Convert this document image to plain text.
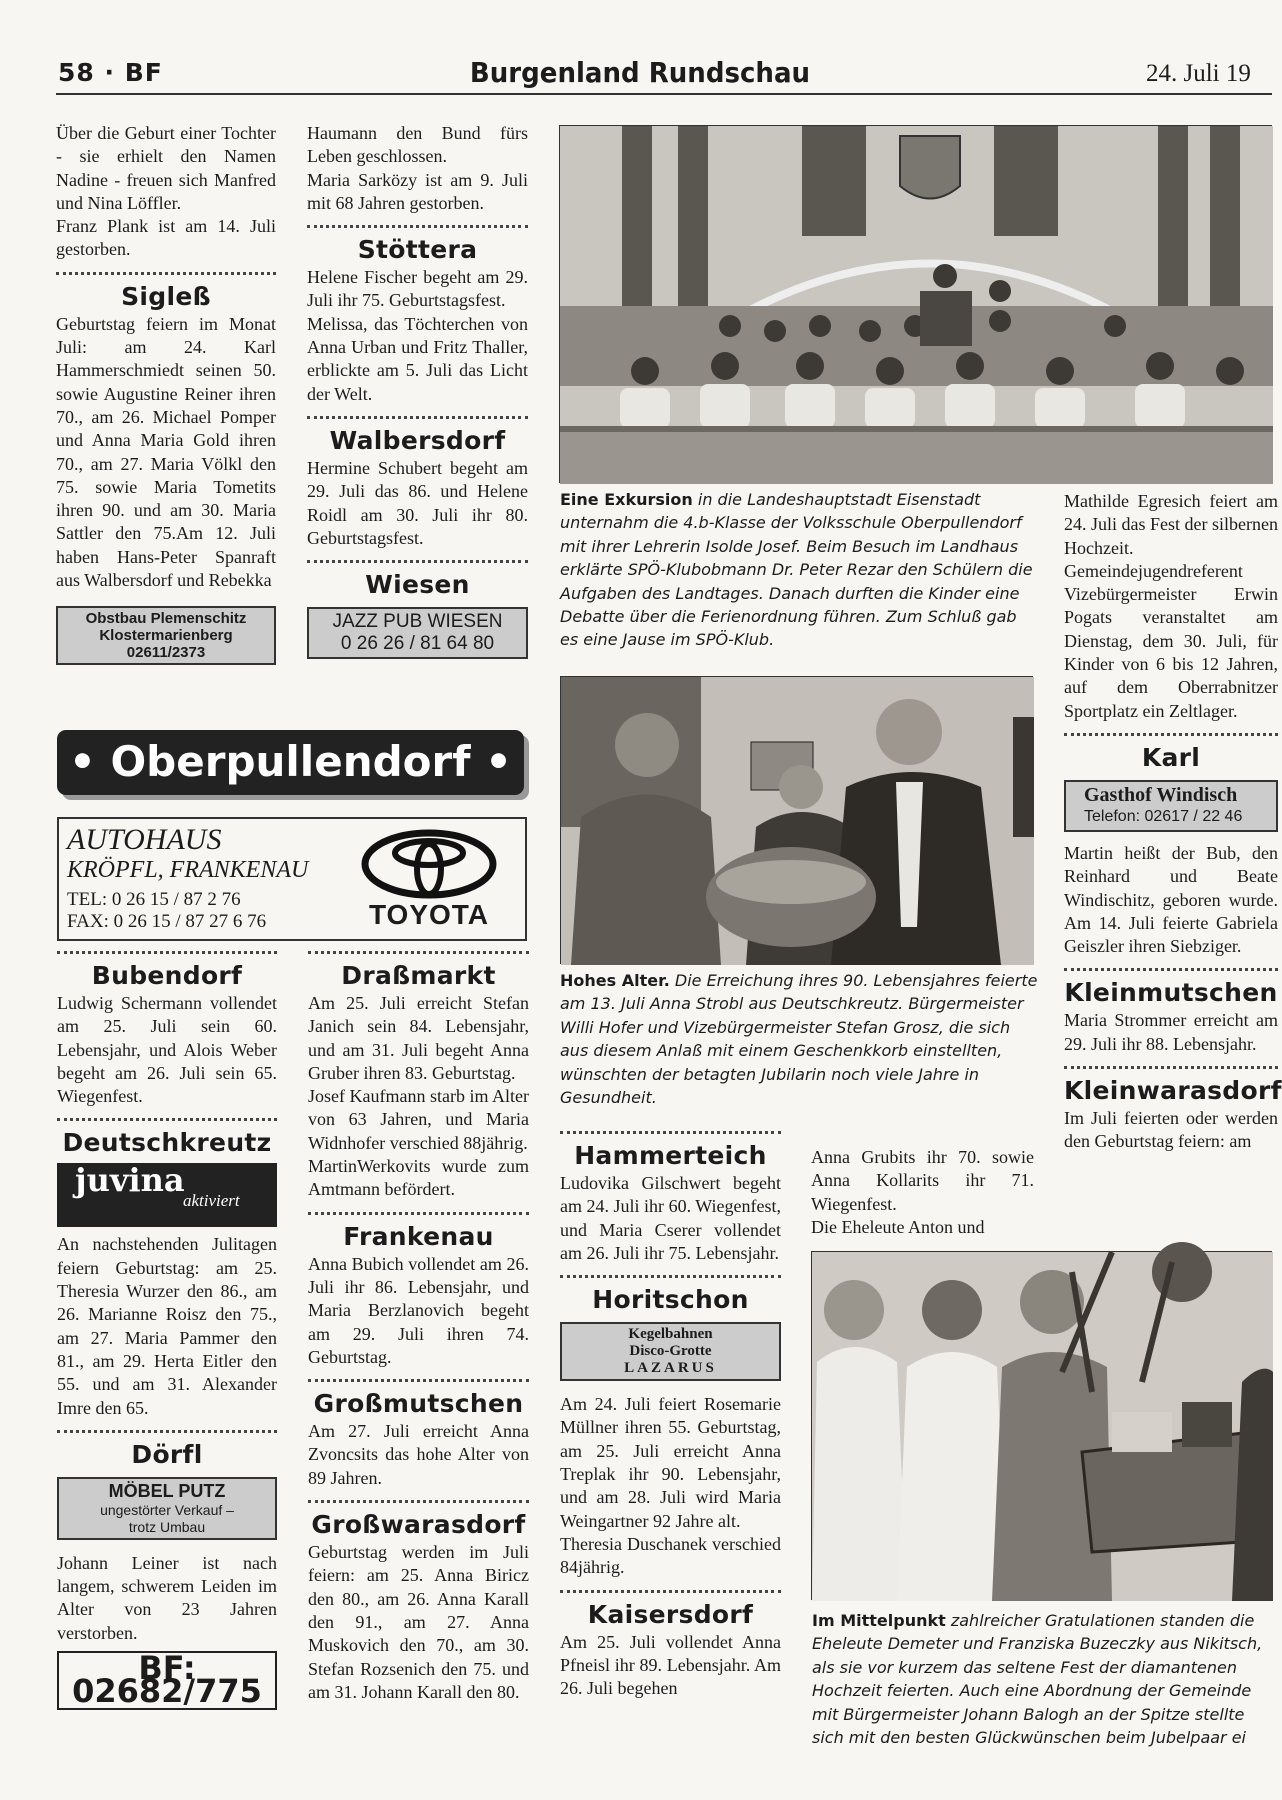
58 · BF	Burgenland Rundschau	24. Juli 19

Über die Geburt einer Tochter - sie erhielt den Namen Nadine - freuen sich Manfred und Nina Löffler.

Franz Plank ist am 14. Juli gestorben.

Sigleß

Geburtstag feiern im Monat Juli: am 24. Karl Hammerschmiedt seinen 50. sowie Augustine Reiner ihren 70., am 26. Michael Pomper und Anna Maria Gold ihren 70., am 27. Maria Völkl den 75. sowie Maria Tometits ihren 90. und am 30. Maria Sattler den 75.Am 12. Juli haben Hans-Peter Spanraft aus Walbersdorf und Rebekka

Obstbau Plemenschitz
Klostermarienberg
02611/2373

Haumann den Bund fürs Leben geschlossen.

Maria Sarközy ist am 9. Juli mit 68 Jahren gestorben.

Stöttera

Helene Fischer begeht am 29. Juli ihr 75. Geburtstagsfest.

Melissa, das Töchterchen von Anna Urban und Fritz Thaller, erblickte am 5. Juli das Licht der Welt.

Walbersdorf

Hermine Schubert begeht am 29. Juli das 86. und Helene Roidl am 30. Juli ihr 80. Geburtstagsfest.

Wiesen
JAZZ PUB WIESEN
0 26 26 / 81 64 80
• Oberpullendorf •
AUTOHAUS
KRÖPFL, FRANKENAU
TEL: 0 26 15 / 87 2 76
FAX: 0 26 15 / 87 27 6 76	TOYOTA
Bubendorf

Ludwig Schermann vollendet am 25. Juli sein 60. Lebensjahr, und Alois Weber begeht am 26. Juli sein 65. Wiegenfest.

Deutschkreutz
juvina
aktiviert

An nachstehenden Julitagen feiern Geburtstag: am 25. Theresia Wurzer den 86., am 26. Marianne Roisz den 75., am 27. Maria Pammer den 81., am 29. Herta Eitler den 55. und am 31. Alexander Imre den 65.

Dörfl
MÖBEL PUTZ
ungestörter Verkauf –
trotz Umbau

Johann Leiner ist nach langem, schwerem Leiden im Alter von 23 Jahren verstorben.

BF: 02682/775
Draßmarkt

Am 25. Juli erreicht Stefan Janich sein 84. Lebensjahr, und am 31. Juli begeht Anna Gruber ihren 83. Geburtstag.

Josef Kaufmann starb im Alter von 63 Jahren, und Maria Widnhofer verschied 88jährig.

MartinWerkovits wurde zum Amtmann befördert.

Frankenau

Anna Bubich vollendet am 26. Juli ihr 86. Lebensjahr, und Maria Berzlanovich begeht am 29. Juli ihren 74. Geburtstag.

Großmutschen

Am 27. Juli erreicht Anna Zvoncsits das hohe Alter von 89 Jahren.

Großwarasdorf

Geburtstag werden im Juli feiern: am 25. Anna Biricz den 80., am 26. Anna Karall den 91., am 27. Anna Muskovich den 70., am 30. Stefan Rozsenich den 75. und am 31. Johann Karall den 80.

Eine Exkursion in die Landeshauptstadt Eisenstadt unternahm die 4.b-Klasse der Volksschule Oberpullendorf mit ihrer Lehrerin Isolde Josef. Beim Besuch im Landhaus erklärte SPÖ-Klubobmann Dr. Peter Rezar den Schülern die Aufgaben des Landtages. Danach durften die Kinder eine Debatte über die Ferienordnung führen. Zum Schluß gab es eine Jause im SPÖ-Klub.
Hohes Alter. Die Erreichung ihres 90. Lebensjahres feierte am 13. Juli Anna Strobl aus Deutschkreutz. Bürgermeister Willi Hofer und Vizebürgermeister Stefan Grosz, die sich aus diesem Anlaß mit einem Geschenkkorb einstellten, wünschten der betagten Jubilarin noch viele Jahre in Gesundheit.
Hammerteich

Ludovika Gilschwert begeht am 24. Juli ihr 60. Wiegenfest, und Maria Cserer vollendet am 26. Juli ihr 75. Lebensjahr.

Horitschon
Kegelbahnen
Disco-Grotte
LAZARUS

Am 24. Juli feiert Rosemarie Müllner ihren 55. Geburtstag, am 25. Juli erreicht Anna Treplak ihr 90. Lebensjahr, und am 28. Juli wird Maria Weingartner 92 Jahre alt.

Theresia Duschanek verschied 84jährig.

Kaisersdorf

Am 25. Juli vollendet Anna Pfneisl ihr 89. Lebensjahr. Am 26. Juli begehen

Anna Grubits ihr 70. sowie Anna Kollarits ihr 71. Wiegenfest.

Die Eheleute Anton und

Im Mittelpunkt zahlreicher Gratulationen standen die Eheleute Demeter und Franziska Buzeczky aus Nikitsch, als sie vor kurzem das seltene Fest der diamantenen Hochzeit feierten. Auch eine Abordnung der Gemeinde mit Bürgermeister Johann Balogh an der Spitze stellte sich mit den besten Glückwünschen beim Jubelpaar ei

Mathilde Egresich feiert am 24. Juli das Fest der silbernen Hochzeit. Gemeindejugendreferent Vizebürgermeister Erwin Pogats veranstaltet am Dienstag, dem 30. Juli, für Kinder von 6 bis 12 Jahren, auf dem Oberrabnitzer Sportplatz ein Zeltlager.

Karl
Gasthof Windisch
Telefon: 02617 / 22 46

Martin heißt der Bub, den Reinhard und Beate Windischitz, geboren wurde. Am 14. Juli feierte Gabriela Geiszler ihren Siebziger.

Kleinmutschen

Maria Strommer erreicht am 29. Juli ihr 88. Lebensjahr.

Kleinwarasdorf

Im Juli feierten oder werden den Geburtstag feiern: am
